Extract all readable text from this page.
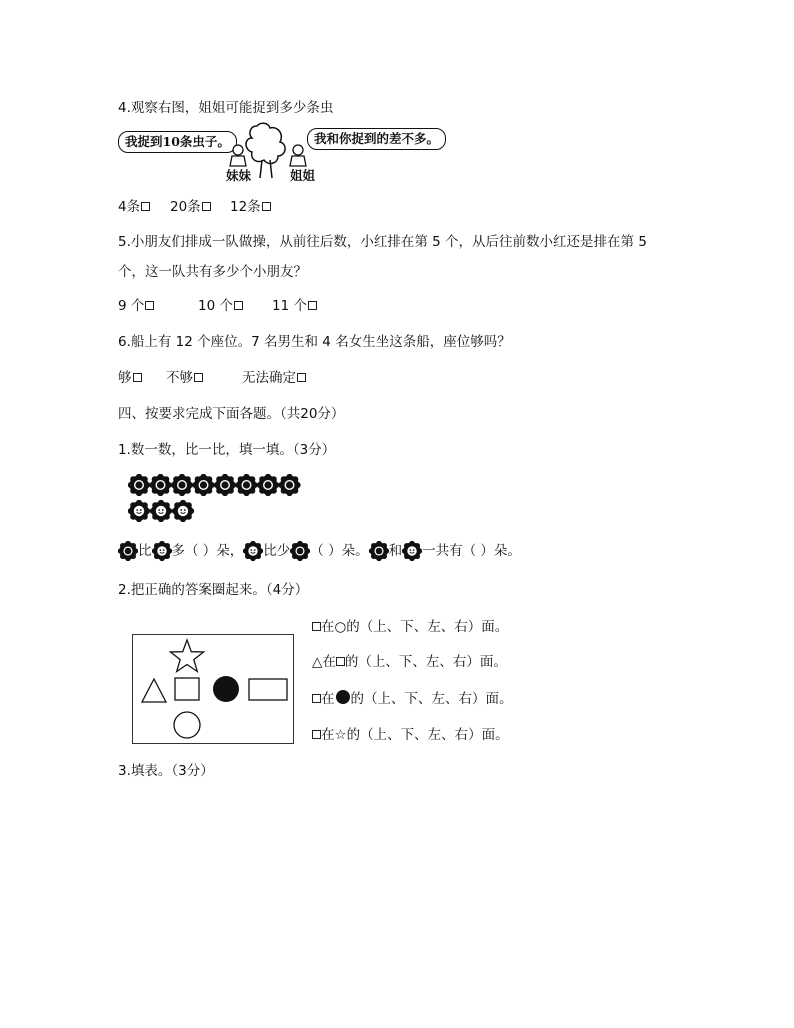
4.观察右图，姐姐可能捉到多少条虫
我捉到10条虫子。	我和你捉到的差不多。
妹妹	姐姐
4条	20条	12条
5.小朋友们排成一队做操，从前往后数，小红排在第 5 个，从后往前数小红还是排在第 5
个，这一队共有多少个小朋友？
9 个	10 个	11 个
6.船上有 12 个座位。7 名男生和 4 名女生坐这条船，座位够吗？
够	不够	无法确定
四、按要求完成下面各题。（共20分）
1.数一数，比一比，填一填。（3分）
比 多（ ）朵， 比少 （ ）朵。 和 一共有（ ）朵。
2.把正确的答案圈起来。（4分）
在○的（上、下、左、右）面。
△在 的（上、下、左、右）面。
在 的（上、下、左、右）面。
在☆的（上、下、左、右）面。
3.填表。（3分）
